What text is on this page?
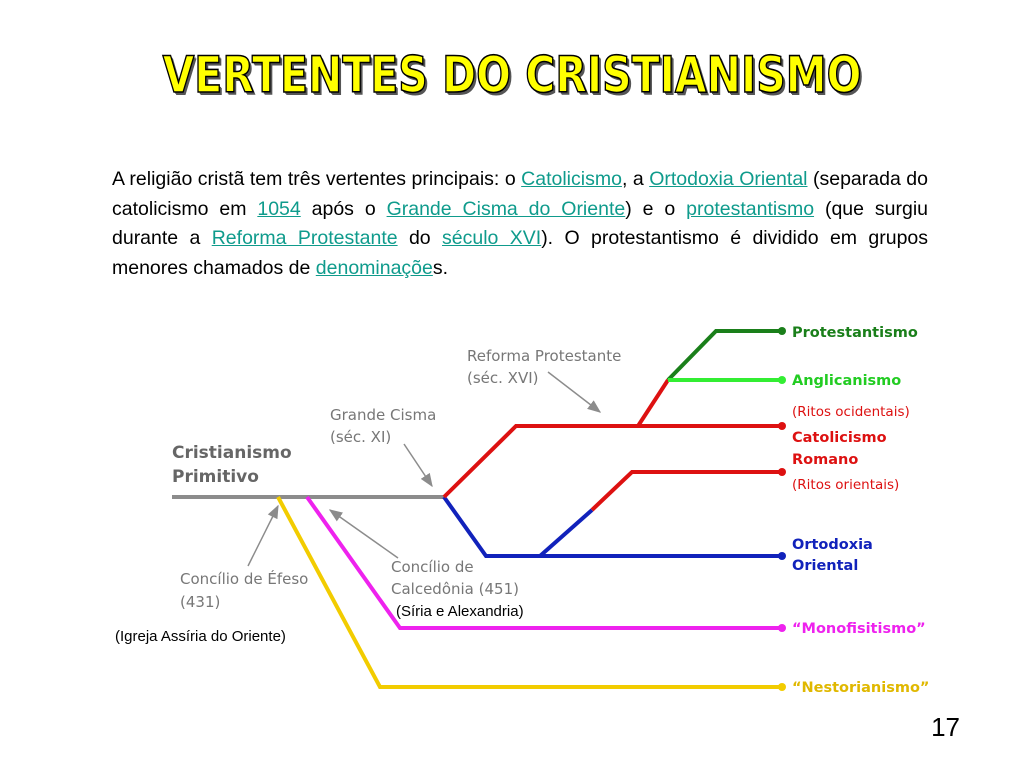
VERTENTES DO CRISTIANISMO
A religião cristã tem três vertentes principais: o Catolicismo, a Ortodoxia Oriental (separada do catolicismo em 1054 após o Grande Cisma do Oriente) e o protestantismo (que surgiu durante a Reforma Protestante do século XVI). O protestantismo é dividido em grupos menores chamados de denominações.
Cristianismo
Primitivo
Reforma Protestante
(séc. XVI)
Grande Cisma
(séc. XI)
Concílio de Éfeso
(431)
Concílio de
Calcedônia (451)
Protestantismo
Anglicanismo
(Ritos ocidentais)
Catolicismo
Romano
(Ritos orientais)
Ortodoxia
Oriental
“Monofisitismo”
“Nestorianismo”
(Síria e Alexandria)
(Igreja Assíria do Oriente)
17
